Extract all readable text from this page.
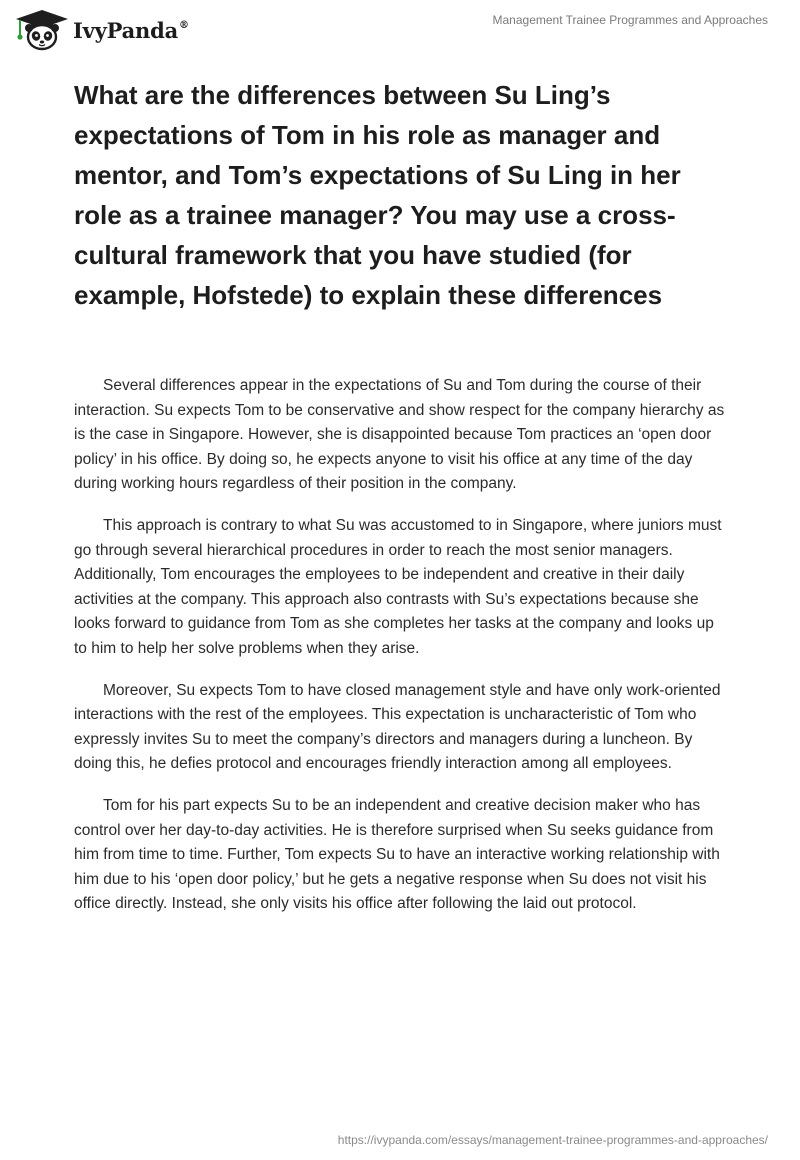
IvyPanda®	Management Trainee Programmes and Approaches
What are the differences between Su Ling’s expectations of Tom in his role as manager and mentor, and Tom’s expectations of Su Ling in her role as a trainee manager? You may use a cross-cultural framework that you have studied (for example, Hofstede) to explain these differences

Several differences appear in the expectations of Su and Tom during the course of their interaction. Su expects Tom to be conservative and show respect for the company hierarchy as is the case in Singapore. However, she is disappointed because Tom practices an ‘open door policy’ in his office. By doing so, he expects anyone to visit his office at any time of the day during working hours regardless of their position in the company.

This approach is contrary to what Su was accustomed to in Singapore, where juniors must go through several hierarchical procedures in order to reach the most senior managers. Additionally, Tom encourages the employees to be independent and creative in their daily activities at the company. This approach also contrasts with Su’s expectations because she looks forward to guidance from Tom as she completes her tasks at the company and looks up to him to help her solve problems when they arise.

Moreover, Su expects Tom to have closed management style and have only work-oriented interactions with the rest of the employees. This expectation is uncharacteristic of Tom who expressly invites Su to meet the company’s directors and managers during a luncheon. By doing this, he defies protocol and encourages friendly interaction among all employees.

Tom for his part expects Su to be an independent and creative decision maker who has control over her day-to-day activities. He is therefore surprised when Su seeks guidance from him from time to time. Further, Tom expects Su to have an interactive working relationship with him due to his ‘open door policy,’ but he gets a negative response when Su does not visit his office directly. Instead, she only visits his office after following the laid out protocol.

https://ivypanda.com/essays/management-trainee-programmes-and-approaches/
